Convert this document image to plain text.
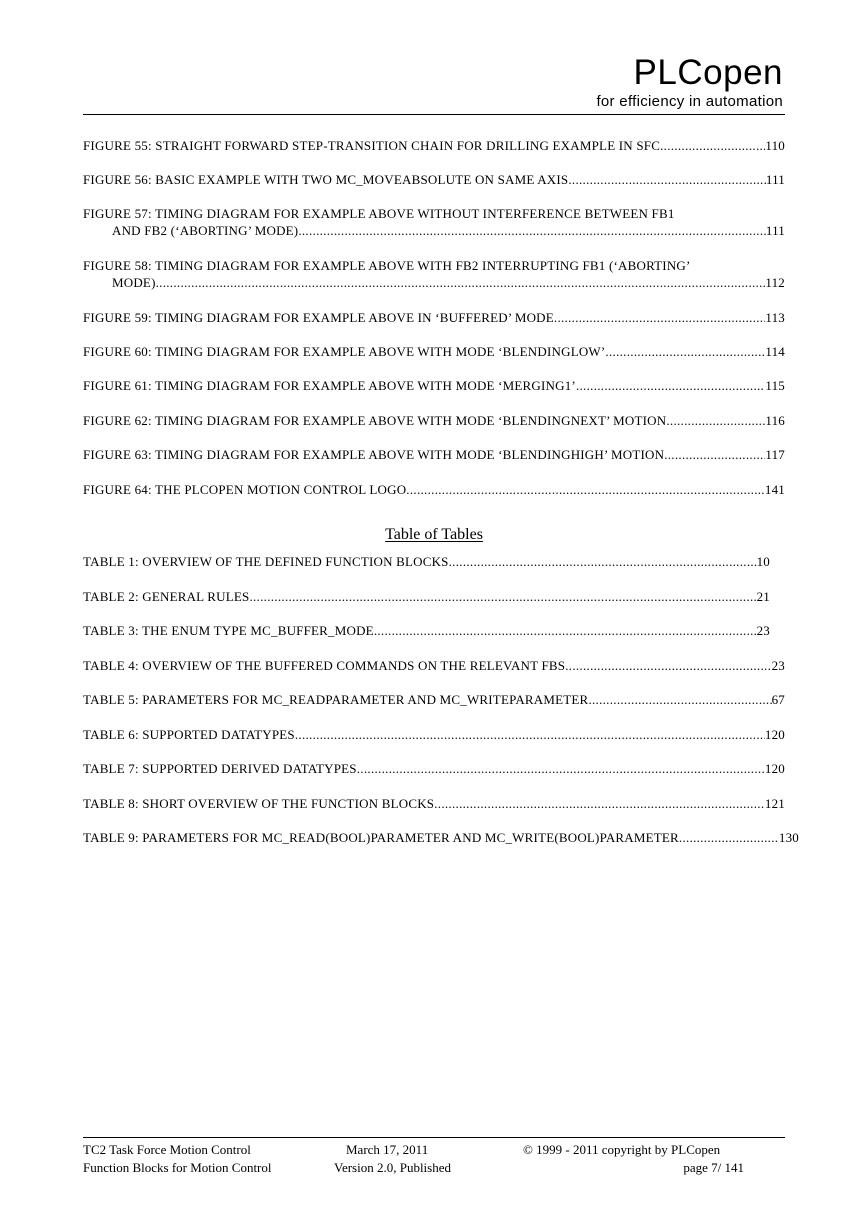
PLCopen
for efficiency in automation
FIGURE 55: STRAIGHT FORWARD STEP-TRANSITION CHAIN FOR DRILLING EXAMPLE IN SFC .....	110
FIGURE 56: BASIC EXAMPLE WITH TWO MC_MOVEABSOLUTE ON SAME AXIS .....	111
FIGURE 57: TIMING DIAGRAM FOR EXAMPLE ABOVE WITHOUT INTERFERENCE BETWEEN FB1
AND FB2 (‘ABORTING’ MODE) .....	111
FIGURE 58: TIMING DIAGRAM FOR EXAMPLE ABOVE WITH FB2 INTERRUPTING FB1 (‘ABORTING’
MODE) .....	112
FIGURE 59: TIMING DIAGRAM FOR EXAMPLE ABOVE IN ‘BUFFERED’ MODE .....	113
FIGURE 60: TIMING DIAGRAM FOR EXAMPLE ABOVE WITH MODE ‘BLENDINGLOW’ .....	114
FIGURE 61: TIMING DIAGRAM FOR EXAMPLE ABOVE WITH MODE ‘MERGING1’ .....	115
FIGURE 62: TIMING DIAGRAM FOR EXAMPLE ABOVE WITH MODE ‘BLENDINGNEXT’ MOTION .....	116
FIGURE 63: TIMING DIAGRAM FOR EXAMPLE ABOVE WITH MODE ‘BLENDINGHIGH’ MOTION .....	117
FIGURE 64: THE PLCOPEN MOTION CONTROL LOGO .....	141
Table of Tables
TABLE 1: OVERVIEW OF THE DEFINED FUNCTION BLOCKS .....	10
TABLE 2: GENERAL RULES .....	21
TABLE 3: THE ENUM TYPE MC_BUFFER_MODE .....	23
TABLE 4: OVERVIEW OF THE BUFFERED COMMANDS ON THE RELEVANT FBS .....	23
TABLE 5: PARAMETERS FOR MC_READPARAMETER AND MC_WRITEPARAMETER .....	67
TABLE 6: SUPPORTED DATATYPES .....	120
TABLE 7: SUPPORTED DERIVED DATATYPES .....	120
TABLE 8: SHORT OVERVIEW OF THE FUNCTION BLOCKS .....	121
TABLE 9: PARAMETERS FOR MC_READ(BOOL)PARAMETER AND MC_WRITE(BOOL)PARAMETER .....	130
TC2 Task Force Motion Control
Function Blocks for Motion Control
March 17, 2011
Version 2.0, Published
© 1999 - 2011 copyright by PLCopen
page 7/ 141
